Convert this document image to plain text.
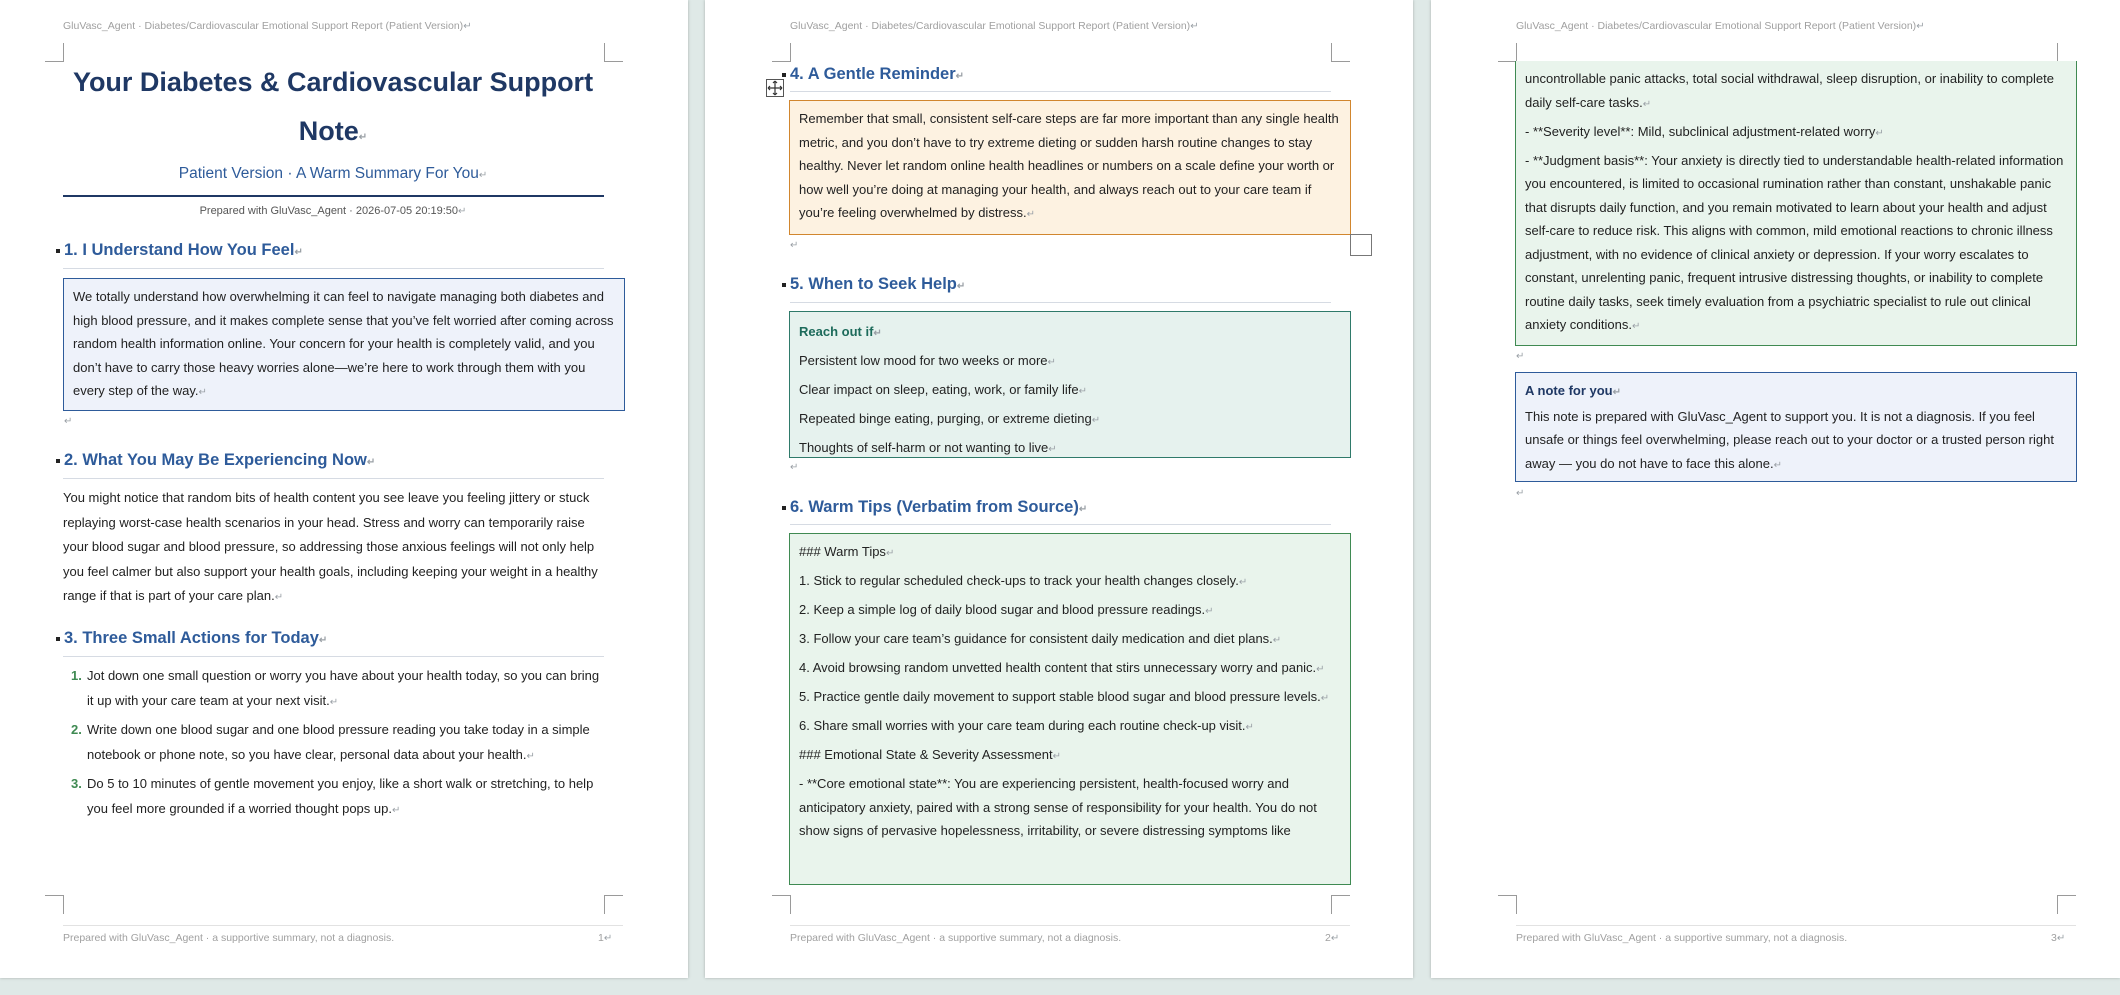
GluVasc_Agent · Diabetes/Cardiovascular Emotional Support Report (Patient Version)↵
Your Diabetes & Cardiovascular Support Note↵
Patient Version · A Warm Summary For You↵
Prepared with GluVasc_Agent · 2026-07-05 20:19:50↵
1. I Understand How You Feel↵
We totally understand how overwhelming it can feel to navigate managing both diabetes and high blood pressure, and it makes complete sense that you’ve felt worried after coming across random health information online. Your concern for your health is completely valid, and you don’t have to carry those heavy worries alone—we’re here to work through them with you every step of the way.↵
↵
2. What You May Be Experiencing Now↵
You might notice that random bits of health content you see leave you feeling jittery or stuck replaying worst-case health scenarios in your head. Stress and worry can temporarily raise your blood sugar and blood pressure, so addressing those anxious feelings will not only help you feel calmer but also support your health goals, including keeping your weight in a healthy range if that is part of your care plan.↵
3. Three Small Actions for Today↵
1. Jot down one small question or worry you have about your health today, so you can bring it up with your care team at your next visit.↵
2. Write down one blood sugar and one blood pressure reading you take today in a simple notebook or phone note, so you have clear, personal data about your health.↵
3. Do 5 to 10 minutes of gentle movement you enjoy, like a short walk or stretching, to help you feel more grounded if a worried thought pops up.↵
Prepared with GluVasc_Agent · a supportive summary, not a diagnosis.	1↵
GluVasc_Agent · Diabetes/Cardiovascular Emotional Support Report (Patient Version)↵
4. A Gentle Reminder↵
Remember that small, consistent self-care steps are far more important than any single health metric, and you don’t have to try extreme dieting or sudden harsh routine changes to stay healthy. Never let random online health headlines or numbers on a scale define your worth or how well you’re doing at managing your health, and always reach out to your care team if you’re feeling overwhelmed by distress.↵
↵
5. When to Seek Help↵
Reach out if↵
Persistent low mood for two weeks or more↵
Clear impact on sleep, eating, work, or family life↵
Repeated binge eating, purging, or extreme dieting↵
Thoughts of self-harm or not wanting to live↵
↵
6. Warm Tips (Verbatim from Source)↵
### Warm Tips↵
1. Stick to regular scheduled check-ups to track your health changes closely.↵
2. Keep a simple log of daily blood sugar and blood pressure readings.↵
3. Follow your care team’s guidance for consistent daily medication and diet plans.↵
4. Avoid browsing random unvetted health content that stirs unnecessary worry and panic.↵
5. Practice gentle daily movement to support stable blood sugar and blood pressure levels.↵
6. Share small worries with your care team during each routine check-up visit.↵
### Emotional State & Severity Assessment↵
- **Core emotional state**: You are experiencing persistent, health-focused worry and anticipatory anxiety, paired with a strong sense of responsibility for your health. You do not show signs of pervasive hopelessness, irritability, or severe distressing symptoms like
Prepared with GluVasc_Agent · a supportive summary, not a diagnosis.	2↵
GluVasc_Agent · Diabetes/Cardiovascular Emotional Support Report (Patient Version)↵
uncontrollable panic attacks, total social withdrawal, sleep disruption, or inability to complete daily self-care tasks.↵
- **Severity level**: Mild, subclinical adjustment-related worry↵
- **Judgment basis**: Your anxiety is directly tied to understandable health-related information you encountered, is limited to occasional rumination rather than constant, unshakable panic that disrupts daily function, and you remain motivated to learn about your health and adjust self-care to reduce risk. This aligns with common, mild emotional reactions to chronic illness adjustment, with no evidence of clinical anxiety or depression. If your worry escalates to constant, unrelenting panic, frequent intrusive distressing thoughts, or inability to complete routine daily tasks, seek timely evaluation from a psychiatric specialist to rule out clinical anxiety conditions.↵
↵
A note for you↵
This note is prepared with GluVasc_Agent to support you. It is not a diagnosis. If you feel unsafe or things feel overwhelming, please reach out to your doctor or a trusted person right away — you do not have to face this alone.↵
↵
Prepared with GluVasc_Agent · a supportive summary, not a diagnosis.	3↵
